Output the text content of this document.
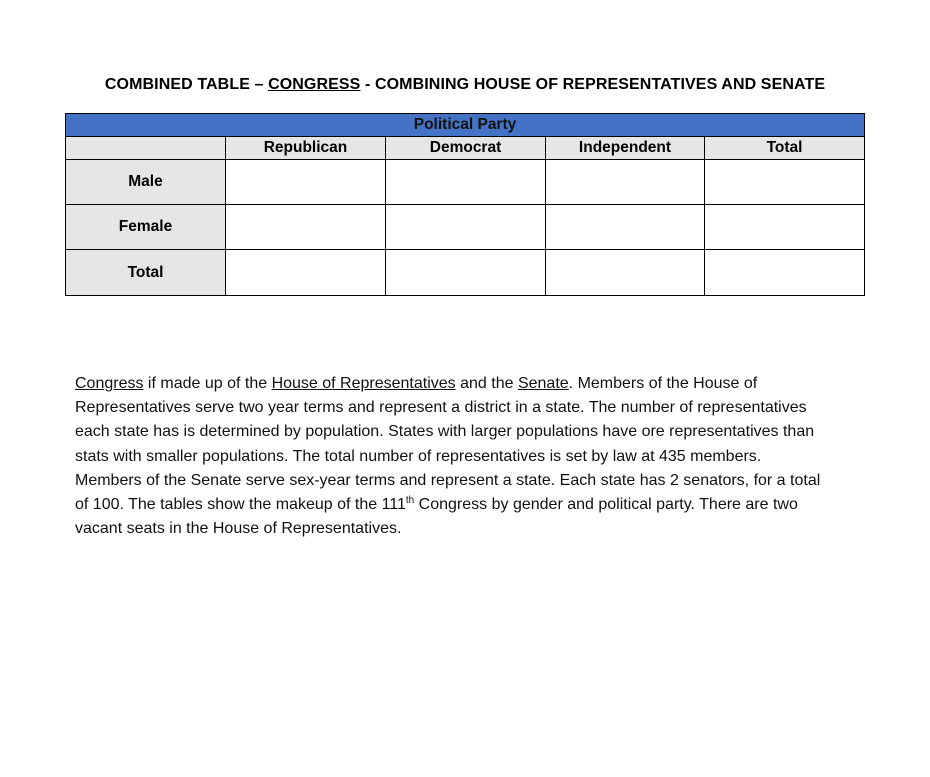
COMBINED TABLE – CONGRESS - COMBINING HOUSE OF REPRESENTATIVES AND SENATE
Political Party				
	Republican	Democrat	Independent	Total
Male				
Female				
Total				
Congress if made up of the House of Representatives and the Senate. Members of the House of
Representatives serve two year terms and represent a district in a state. The number of representatives
each state has is determined by population. States with larger populations have ore representatives than
stats with smaller populations. The total number of representatives is set by law at 435 members.
Members of the Senate serve sex-year terms and represent a state. Each state has 2 senators, for a total
of 100. The tables show the makeup of the 111th Congress by gender and political party. There are two
vacant seats in the House of Representatives.
